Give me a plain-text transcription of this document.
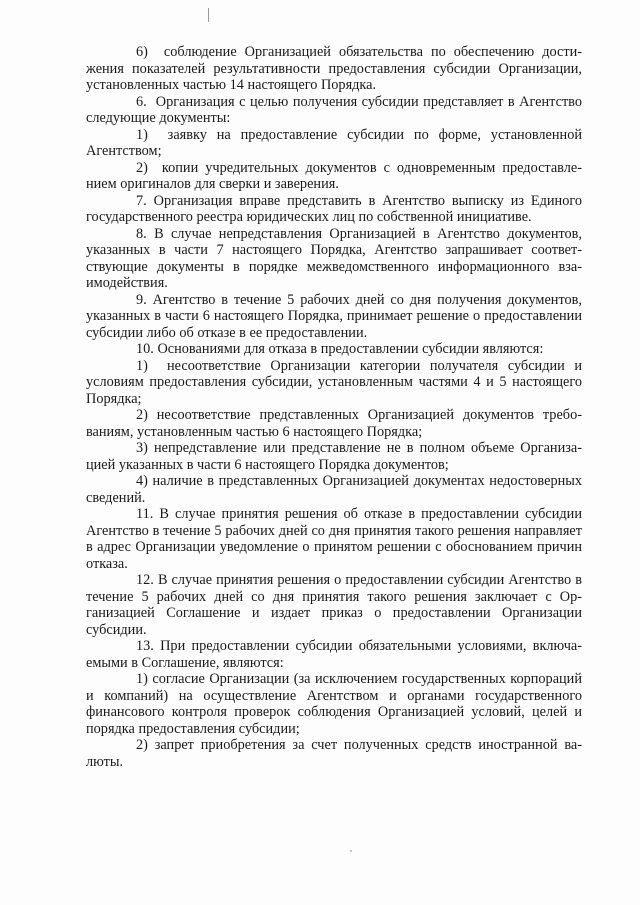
6)  соблюдение Организацией обязательства по обеспечению достижения показателей результативности предоставления субсидии Организации, установленных частью 14 настоящего Порядка.

6.  Организация с целью получения субсидии представляет в Агентство следующие документы:

1)  заявку на предоставление субсидии по форме, установленной Агентством;

2)  копии учредительных документов с одновременным предоставлением оригиналов для сверки и заверения.

7. Организация вправе представить в Агентство выписку из Единого государственного реестра юридических лиц по собственной инициативе.

8. В случае непредставления Организацией в Агентство документов, указанных в части 7 настоящего Порядка, Агентство запрашивает соответствующие документы в порядке межведомственного информационного взаимодействия.

9. Агентство в течение 5 рабочих дней со дня получения документов, указанных в части 6 настоящего Порядка, принимает решение о предоставлении субсидии либо об отказе в ее предоставлении.

10. Основаниями для отказа в предоставлении субсидии являются:

1)  несоответствие Организации категории получателя субсидии и условиям предоставления субсидии, установленным частями 4 и 5 настоящего Порядка;

2) несоответствие представленных Организацией документов требованиям, установленным частью 6 настоящего Порядка;

3) непредставление или представление не в полном объеме Организацией указанных в части 6 настоящего Порядка документов;

4) наличие в представленных Организацией документах недостоверных сведений.

11. В случае принятия решения об отказе в предоставлении субсидии Агентство в течение 5 рабочих дней со дня принятия такого решения направляет в адрес Организации уведомление о принятом решении с обоснованием причин отказа.

12. В случае принятия решения о предоставлении субсидии Агентство в течение 5 рабочих дней со дня принятия такого решения заключает с Организацией Соглашение и издает приказ о предоставлении Организации субсидии.

13. При предоставлении субсидии обязательными условиями, включаемыми в Соглашение, являются:

1) согласие Организации (за исключением государственных корпораций и компаний) на осуществление Агентством и органами государственного финансового контроля проверок соблюдения Организацией условий, целей и порядка предоставления субсидии;

2) запрет приобретения за счет полученных средств иностранной валюты.
